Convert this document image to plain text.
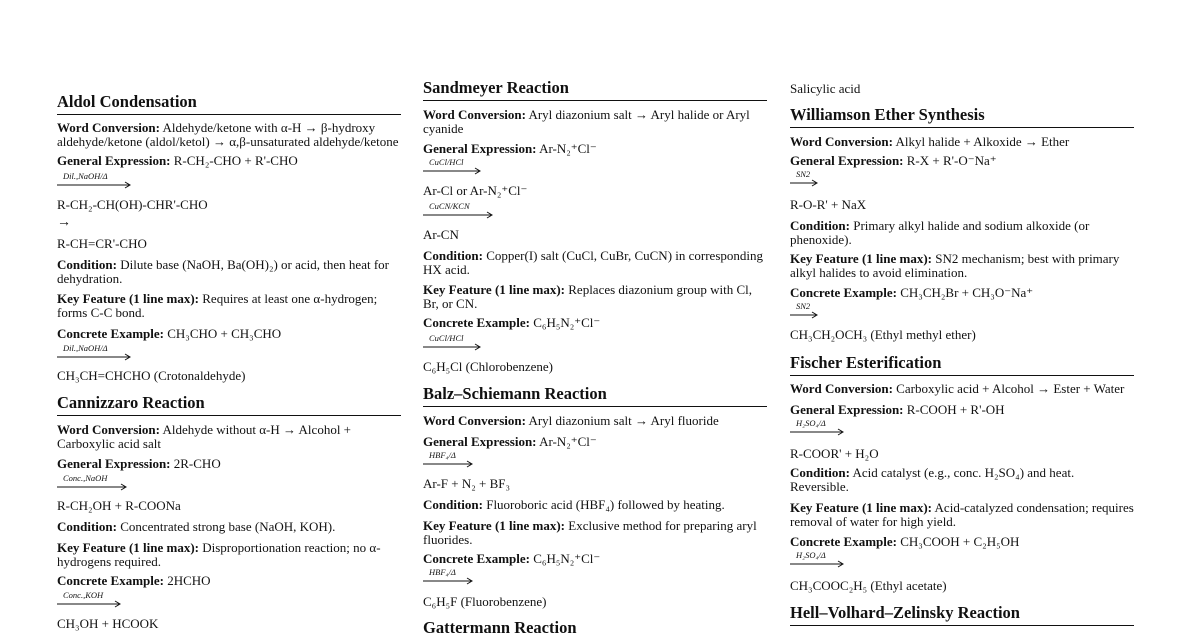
Aldol Condensation
Word Conversion: Aldehyde/ketone with α-H → β-hydroxy aldehyde/ketone (aldol/ketol) → α,β-unsaturated aldehyde/ketone
General Expression: R-CH₂-CHO + R'-CHO
Dil.,NaOH/Δ
R-CH₂-CH(OH)-CHR'-CHO
→
R-CH=CR'-CHO
Condition: Dilute base (NaOH, Ba(OH)₂) or acid, then heat for dehydration.
Key Feature (1 line max): Requires at least one α-hydrogen; forms C-C bond.
Concrete Example: CH₃CHO + CH₃CHO
Dil.,NaOH/Δ
CH₃CH=CHCHO (Crotonaldehyde)
Cannizzaro Reaction
Word Conversion: Aldehyde without α-H → Alcohol + Carboxylic acid salt
General Expression: 2R-CHO
Conc.,NaOH
R-CH₂OH + R-COONa
Condition: Concentrated strong base (NaOH, KOH).
Key Feature (1 line max): Disproportionation reaction; no α-hydrogens required.
Concrete Example: 2HCHO
Conc.,KOH
CH₃OH + HCOOK
Sandmeyer Reaction
Word Conversion: Aryl diazonium salt → Aryl halide or Aryl cyanide
General Expression: Ar-N₂⁺Cl⁻
CuCl/HCl
Ar-Cl or Ar-N₂⁺Cl⁻
CuCN/KCN
Ar-CN
Condition: Copper(I) salt (CuCl, CuBr, CuCN) in corresponding HX acid.
Key Feature (1 line max): Replaces diazonium group with Cl, Br, or CN.
Concrete Example: C₆H₅N₂⁺Cl⁻
CuCl/HCl
C₆H₅Cl (Chlorobenzene)
Balz–Schiemann Reaction
Word Conversion: Aryl diazonium salt → Aryl fluoride
General Expression: Ar-N₂⁺Cl⁻
HBF₄/Δ
Ar-F + N₂ + BF₃
Condition: Fluoroboric acid (HBF₄) followed by heating.
Key Feature (1 line max): Exclusive method for preparing aryl fluorides.
Concrete Example: C₆H₅N₂⁺Cl⁻
HBF₄/Δ
C₆H₅F (Fluorobenzene)
Gattermann Reaction
Salicylic acid
Williamson Ether Synthesis
Word Conversion: Alkyl halide + Alkoxide → Ether
General Expression: R-X + R'-O⁻Na⁺
SN2
R-O-R' + NaX
Condition: Primary alkyl halide and sodium alkoxide (or phenoxide).
Key Feature (1 line max): SN2 mechanism; best with primary alkyl halides to avoid elimination.
Concrete Example: CH₃CH₂Br + CH₃O⁻Na⁺
SN2
CH₃CH₂OCH₃ (Ethyl methyl ether)
Fischer Esterification
Word Conversion: Carboxylic acid + Alcohol → Ester + Water
General Expression: R-COOH + R'-OH
H₂SO₄/Δ
R-COOR' + H₂O
Condition: Acid catalyst (e.g., conc. H₂SO₄) and heat. Reversible.
Key Feature (1 line max): Acid-catalyzed condensation; requires removal of water for high yield.
Concrete Example: CH₃COOH + C₂H₅OH
H₂SO₄/Δ
CH₃COOC₂H₅ (Ethyl acetate)
Hell–Volhard–Zelinsky Reaction
